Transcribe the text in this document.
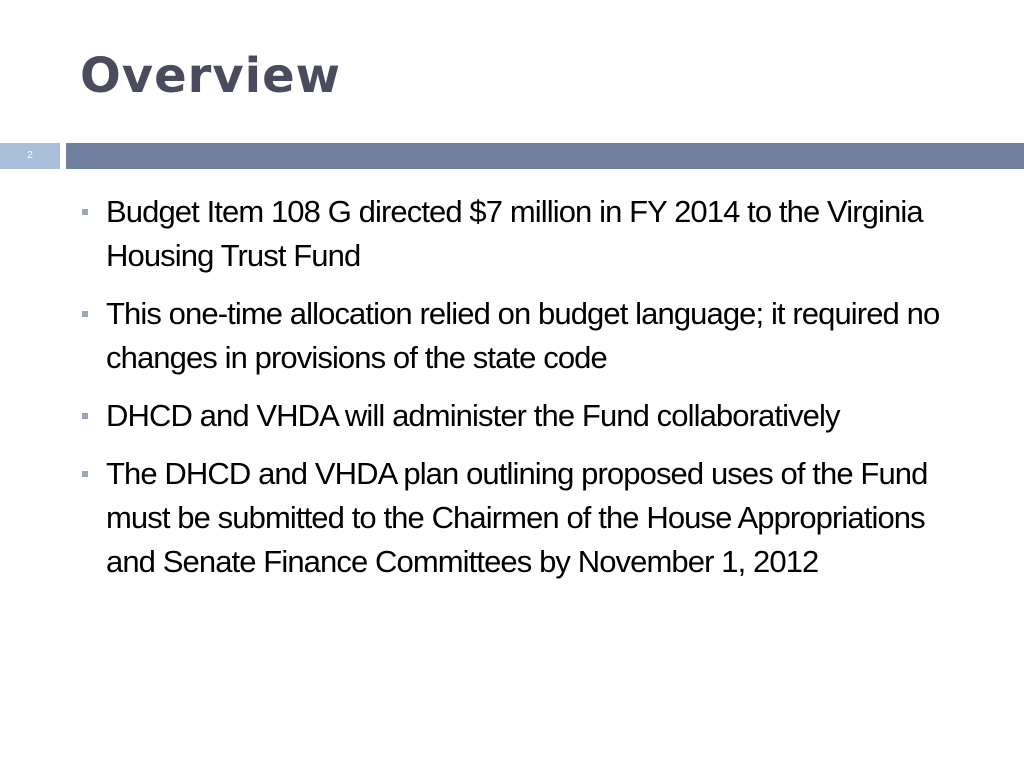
Overview
2
Budget Item 108 G directed $7 million in FY 2014 to the Virginia Housing Trust Fund
This one-time allocation relied on budget language; it required no changes in provisions of the state code
DHCD and VHDA will administer the Fund collaboratively
The DHCD and VHDA plan outlining proposed uses of the Fund must be submitted to the Chairmen of the House Appropriations and Senate Finance Committees by November 1, 2012
